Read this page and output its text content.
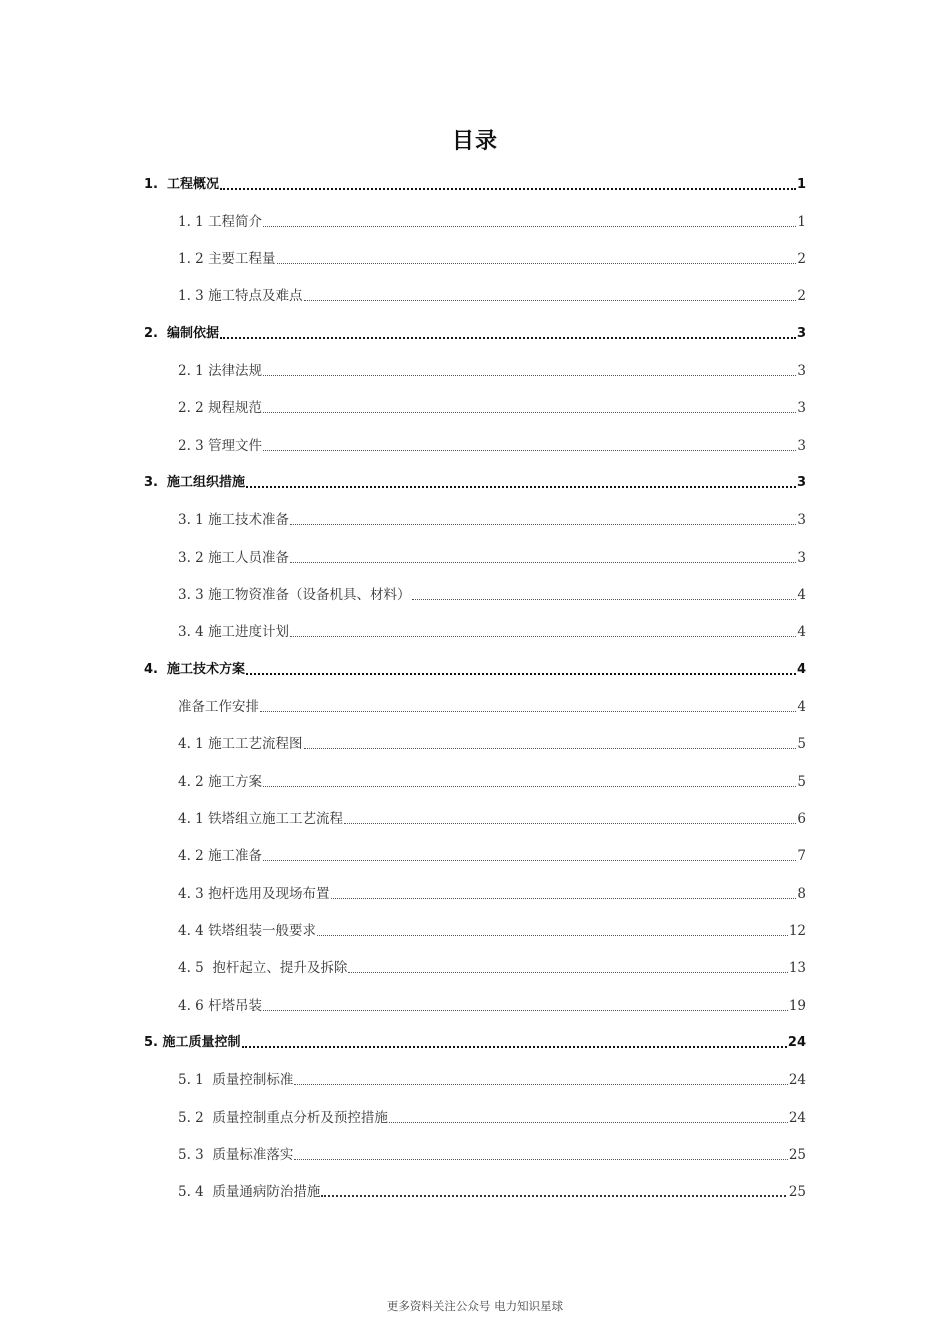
目录
1. 工程概况	1
1. 1 工程简介	1
1. 2 主要工程量	2
1. 3 施工特点及难点	2
2. 编制依据	3
2. 1 法律法规	3
2. 2 规程规范	3
2. 3 管理文件	3
3. 施工组织措施	3
3. 1 施工技术准备	3
3. 2 施工人员准备	3
3. 3 施工物资准备（设备机具、材料）	4
3. 4 施工进度计划	4
4. 施工技术方案	4
准备工作安排	4
4. 1 施工工艺流程图	5
4. 2 施工方案	5
4. 1 铁塔组立施工工艺流程	6
4. 2 施工准备	7
4. 3 抱杆选用及现场布置	8
4. 4 铁塔组装一般要求	12
4. 5 抱杆起立、提升及拆除	13
4. 6 杆塔吊装	19
5. 施工质量控制	24
5. 1 质量控制标准	24
5. 2 质量控制重点分析及预控措施	24
5. 3 质量标准落实	25
5. 4 质量通病防治措施	25
更多资料关注公众号 电力知识星球
